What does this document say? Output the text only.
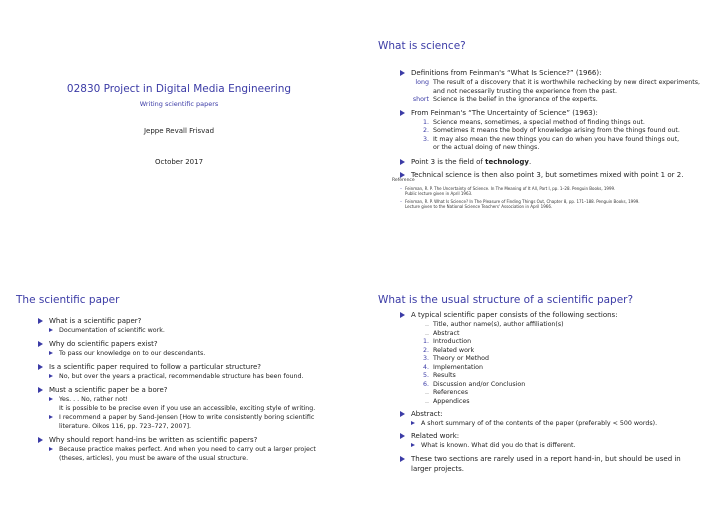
02830 Project in Digital Media Engineering
Writing scientific papers
Jeppe Revall Frisvad
October 2017
What is science?
Definitions from Feinman's “What Is Science?” (1966):
long The result of a discovery that it is worthwhile rechecking by new direct experiments,
and not necessarily trusting the experience from the past.
short Science is the belief in the ignorance of the experts.
From Feinman's “The Uncertainty of Science” (1963):
1. Science means, sometimes, a special method of finding things out.
2. Sometimes it means the body of knowledge arising from the things found out.
3. It may also mean the new things you can do when you have found things out,
or the actual doing of new things.
Point 3 is the field of technology.
Technical science is then also point 3, but sometimes mixed with point 1 or 2.
Reference
– Feinman, R. P. The Uncertainty of Science. In The Meaning of It All, Part I, pp. 1–28. Penguin Books, 1999.
Public lecture given in April 1963.
– Feinman, R. P. What Is Science? In The Pleasure of Finding Things Out, Chapter 8, pp. 171–188. Penguin Books, 1999.
Lecture given to the National Science Teachers' Association in April 1966.
The scientific paper
What is a scientific paper?
Documentation of scientific work.
Why do scientific papers exist?
To pass our knowledge on to our descendants.
Is a scientific paper required to follow a particular structure?
No, but over the years a practical, recommendable structure has been found.
Must a scientific paper be a bore?
Yes. . . No, rather not!
It is possible to be precise even if you use an accessible, exciting style of writing.
I recommend a paper by Sand-Jensen [How to write consistently boring scientific
literature. Oikos 116, pp. 723–727, 2007].
Why should report hand-ins be written as scientific papers?
Because practice makes perfect. And when you need to carry out a larger project
(theses, articles), you must be aware of the usual structure.
What is the usual structure of a scientific paper?
A typical scientific paper consists of the following sections:
.. Title, author name(s), author affiliation(s)
.. Abstract
1. Introduction
2. Related work
3. Theory or Method
4. Implementation
5. Results
6. Discussion and/or Conclusion
.. References
.. Appendices
Abstract:
A short summary of of the contents of the paper (preferably < 500 words).
Related work:
What is known. What did you do that is different.
These two sections are rarely used in a report hand-in, but should be used in
larger projects.
